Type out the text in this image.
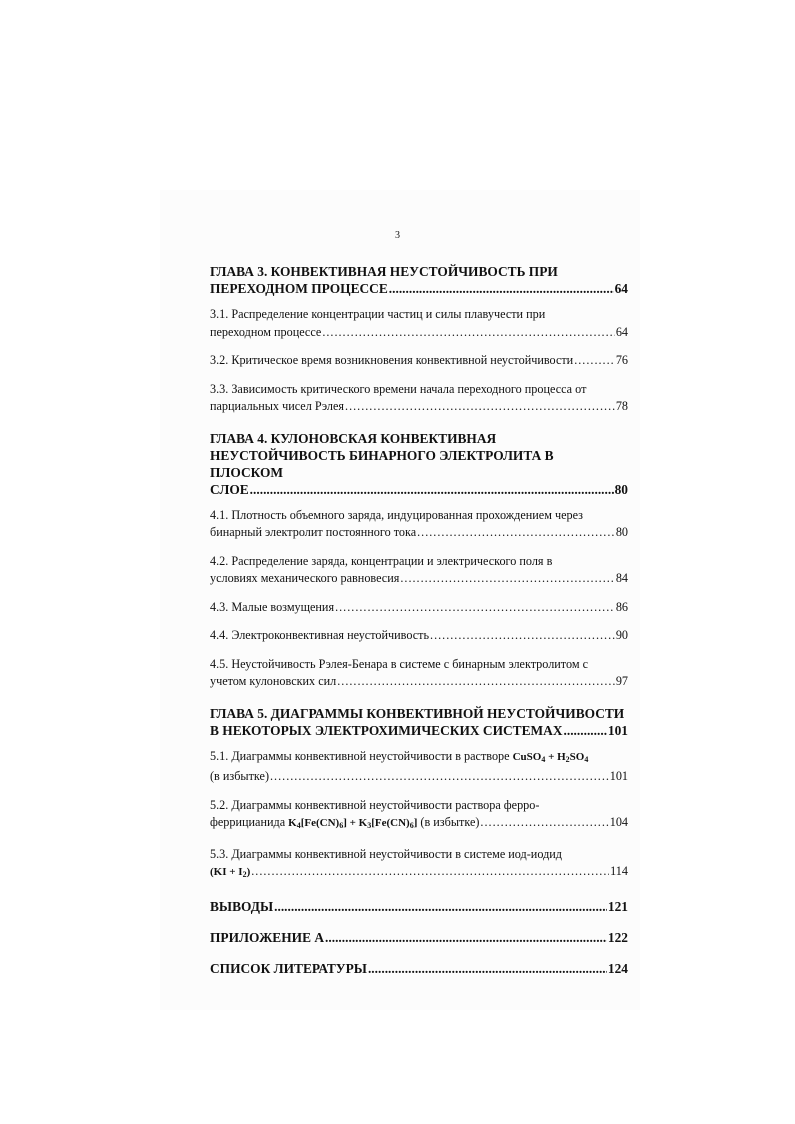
3
ГЛАВА 3. КОНВЕКТИВНАЯ НЕУСТОЙЧИВОСТЬ ПРИ
ПЕРЕХОДНОМ ПРОЦЕССЕ .....	64
3.1. Распределение концентрации частиц и силы плавучести при
переходном процессе .....	64
3.2. Критическое время возникновения конвективной неустойчивости .....	76
3.3. Зависимость критического времени начала переходного процесса от
парциальных чисел Рэлея .....	78
ГЛАВА 4. КУЛОНОВСКАЯ КОНВЕКТИВНАЯ
НЕУСТОЙЧИВОСТЬ БИНАРНОГО ЭЛЕКТРОЛИТА В ПЛОСКОМ
СЛОЕ .....	80
4.1. Плотность объемного заряда, индуцированная прохождением через
бинарный электролит постоянного тока .....	80
4.2. Распределение заряда, концентрации и электрического поля в
условиях механического равновесия .....	84
4.3. Малые возмущения .....	86
4.4. Электроконвективная неустойчивость .....	90
4.5. Неустойчивость Рэлея-Бенара в системе с бинарным электролитом с
учетом кулоновских сил .....	97
ГЛАВА 5. ДИАГРАММЫ КОНВЕКТИВНОЙ НЕУСТОЙЧИВОСТИ
В НЕКОТОРЫХ ЭЛЕКТРОХИМИЧЕСКИХ СИСТЕМАХ .....	101
5.1. Диаграммы конвективной неустойчивости в растворе CuSO$_4$ + $H_2SO_4$
(в избытке) .....	101
5.2. Диаграммы конвективной неустойчивости раствора ферро-
феррицианида $K_4[Fe(CN)_6] + K_3[Fe(CN)_6]$ (в избытке) .....	104
5.3. Диаграммы конвективной неустойчивости в системе иод-иодид
$(KI + I_2)$ .....	114
ВЫВОДЫ .....	121
ПРИЛОЖЕНИЕ А .....	122
СПИСОК ЛИТЕРАТУРЫ .....	124
